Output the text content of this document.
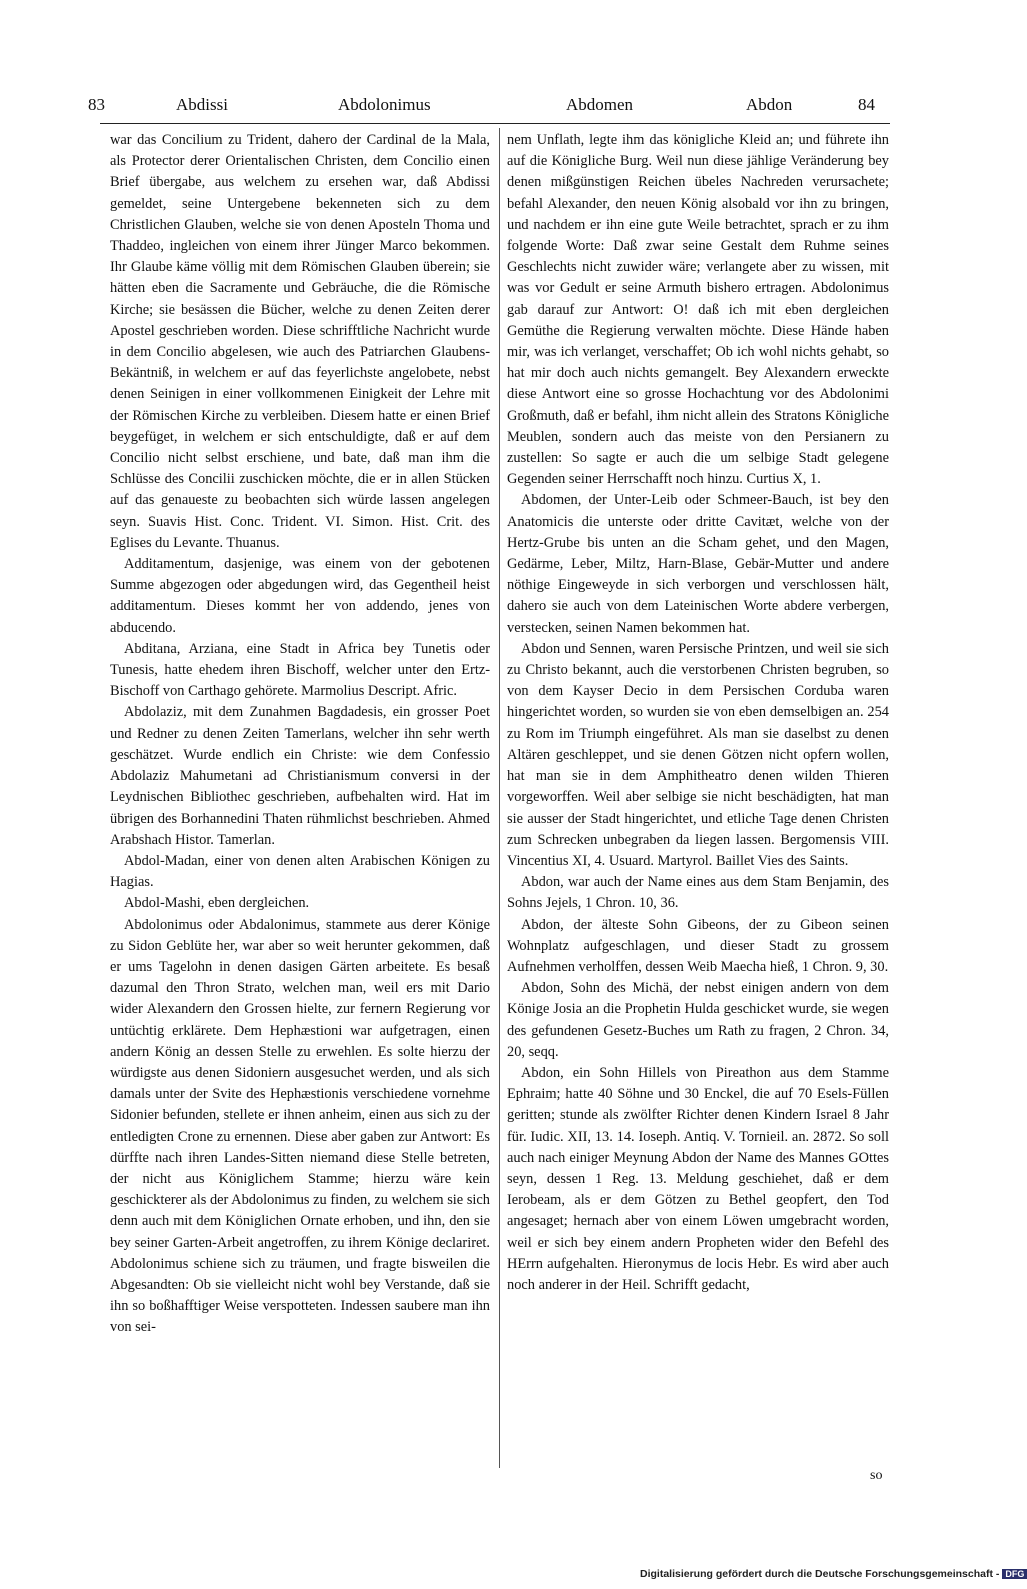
83	Abdissi	Abdolonimus	Abdomen	Abdon	84

war das Concilium zu Trident, dahero der Cardinal de la Mala, als Protector derer Orientalischen Christen, dem Concilio einen Brief übergabe, aus welchem zu ersehen war, daß Abdissi gemeldet, seine Untergebene bekenneten sich zu dem Christlichen Glauben, welche sie von denen Aposteln Thoma und Thaddeo, ingleichen von einem ihrer Jünger Marco bekommen. Ihr Glaube käme völlig mit dem Römischen Glauben überein; sie hätten eben die Sacramente und Gebräuche, die die Römische Kirche; sie besässen die Bücher, welche zu denen Zeiten derer Apostel geschrieben worden. Diese schrifftliche Nachricht wurde in dem Concilio abgelesen, wie auch des Patriarchen Glaubens-Bekäntniß, in welchem er auf das feyerlichste angelobete, nebst denen Seinigen in einer vollkommenen Einigkeit der Lehre mit der Römischen Kirche zu verbleiben. Diesem hatte er einen Brief beygefüget, in welchem er sich entschuldigte, daß er auf dem Concilio nicht selbst erschiene, und bate, daß man ihm die Schlüsse des Concilii zuschicken möchte, die er in allen Stücken auf das genaueste zu beobachten sich würde lassen angelegen seyn. Suavis Hist. Conc. Trident. VI. Simon. Hist. Crit. des Eglises du Levante. Thuanus.

Additamentum, dasjenige, was einem von der gebotenen Summe abgezogen oder abgedungen wird, das Gegentheil heist additamentum. Dieses kommt her von addendo, jenes von abducendo.

Abditana, Arziana, eine Stadt in Africa bey Tunetis oder Tunesis, hatte ehedem ihren Bischoff, welcher unter den Ertz-Bischoff von Carthago gehörete. Marmolius Descript. Afric.

Abdolaziz, mit dem Zunahmen Bagdadesis, ein grosser Poet und Redner zu denen Zeiten Tamerlans, welcher ihn sehr werth geschätzet. Wurde endlich ein Christe: wie dem Confessio Abdolaziz Mahumetani ad Christianismum conversi in der Leydnischen Bibliothec geschrieben, aufbehalten wird. Hat im übrigen des Borhannedini Thaten rühmlichst beschrieben. Ahmed Arabshach Histor. Tamerlan.

Abdol-Madan, einer von denen alten Arabischen Königen zu Hagias.

Abdol-Mashi, eben dergleichen.

Abdolonimus oder Abdalonimus, stammete aus derer Könige zu Sidon Geblüte her, war aber so weit herunter gekommen, daß er ums Tagelohn in denen dasigen Gärten arbeitete. Es besaß dazumal den Thron Strato, welchen man, weil ers mit Dario wider Alexandern den Grossen hielte, zur fernern Regierung vor untüchtig erklärete. Dem Hephæstioni war aufgetragen, einen andern König an dessen Stelle zu erwehlen. Es solte hierzu der würdigste aus denen Sidoniern ausgesuchet werden, und als sich damals unter der Svite des Hephæstionis verschiedene vornehme Sidonier befunden, stellete er ihnen anheim, einen aus sich zu der entledigten Crone zu ernennen. Diese aber gaben zur Antwort: Es dürffte nach ihren Landes-Sitten niemand diese Stelle betreten, der nicht aus Königlichem Stamme; hierzu wäre kein geschickterer als der Abdolonimus zu finden, zu welchem sie sich denn auch mit dem Königlichen Ornate erhoben, und ihn, den sie bey seiner Garten-Arbeit angetroffen, zu ihrem Könige declariret. Abdolonimus schiene sich zu träumen, und fragte bisweilen die Abgesandten: Ob sie vielleicht nicht wohl bey Verstande, daß sie ihn so boßhafftiger Weise verspotteten. Indessen saubere man ihn von sei-

nem Unflath, legte ihm das königliche Kleid an; und führete ihn auf die Königliche Burg. Weil nun diese jählige Veränderung bey denen mißgünstigen Reichen übeles Nachreden verursachete; befahl Alexander, den neuen König alsobald vor ihn zu bringen, und nachdem er ihn eine gute Weile betrachtet, sprach er zu ihm folgende Worte: Daß zwar seine Gestalt dem Ruhme seines Geschlechts nicht zuwider wäre; verlangete aber zu wissen, mit was vor Gedult er seine Armuth bishero ertragen. Abdolonimus gab darauf zur Antwort: O! daß ich mit eben dergleichen Gemüthe die Regierung verwalten möchte. Diese Hände haben mir, was ich verlanget, verschaffet; Ob ich wohl nichts gehabt, so hat mir doch auch nichts gemangelt. Bey Alexandern erweckte diese Antwort eine so grosse Hochachtung vor des Abdolonimi Großmuth, daß er befahl, ihm nicht allein des Stratons Königliche Meublen, sondern auch das meiste von den Persianern zu zustellen: So sagte er auch die um selbige Stadt gelegene Gegenden seiner Herrschafft noch hinzu. Curtius X, 1.

Abdomen, der Unter-Leib oder Schmeer-Bauch, ist bey den Anatomicis die unterste oder dritte Cavitæt, welche von der Hertz-Grube bis unten an die Scham gehet, und den Magen, Gedärme, Leber, Miltz, Harn-Blase, Gebär-Mutter und andere nöthige Eingeweyde in sich verborgen und verschlossen hält, dahero sie auch von dem Lateinischen Worte abdere verbergen, verstecken, seinen Namen bekommen hat.

Abdon und Sennen, waren Persische Printzen, und weil sie sich zu Christo bekannt, auch die verstorbenen Christen begruben, so von dem Kayser Decio in dem Persischen Corduba waren hingerichtet worden, so wurden sie von eben demselbigen an. 254 zu Rom im Triumph eingeführet. Als man sie daselbst zu denen Altären geschleppet, und sie denen Götzen nicht opfern wollen, hat man sie in dem Amphitheatro denen wilden Thieren vorgeworffen. Weil aber selbige sie nicht beschädigten, hat man sie ausser der Stadt hingerichtet, und etliche Tage denen Christen zum Schrecken unbegraben da liegen lassen. Bergomensis VIII. Vincentius XI, 4. Usuard. Martyrol. Baillet Vies des Saints.

Abdon, war auch der Name eines aus dem Stam Benjamin, des Sohns Jejels, 1 Chron. 10, 36.

Abdon, der älteste Sohn Gibeons, der zu Gibeon seinen Wohnplatz aufgeschlagen, und dieser Stadt zu grossem Aufnehmen verholffen, dessen Weib Maecha hieß, 1 Chron. 9, 30.

Abdon, Sohn des Michä, der nebst einigen andern von dem Könige Josia an die Prophetin Hulda geschicket wurde, sie wegen des gefundenen Gesetz-Buches um Rath zu fragen, 2 Chron. 34, 20, seqq.

Abdon, ein Sohn Hillels von Pireathon aus dem Stamme Ephraim; hatte 40 Söhne und 30 Enckel, die auf 70 Esels-Füllen geritten; stunde als zwölfter Richter denen Kindern Israel 8 Jahr für. Iudic. XII, 13. 14. Ioseph. Antiq. V. Tornieil. an. 2872. So soll auch nach einiger Meynung Abdon der Name des Mannes GOttes seyn, dessen 1 Reg. 13. Meldung geschiehet, daß er dem Ierobeam, als er dem Götzen zu Bethel geopfert, den Tod angesaget; hernach aber von einem Löwen umgebracht worden, weil er sich bey einem andern Propheten wider den Befehl des HErrn aufgehalten. Hieronymus de locis Hebr. Es wird aber auch noch anderer in der Heil. Schrifft gedacht,

so
Digitalisierung gefördert durch die Deutsche Forschungsgemeinschaft - DFG
